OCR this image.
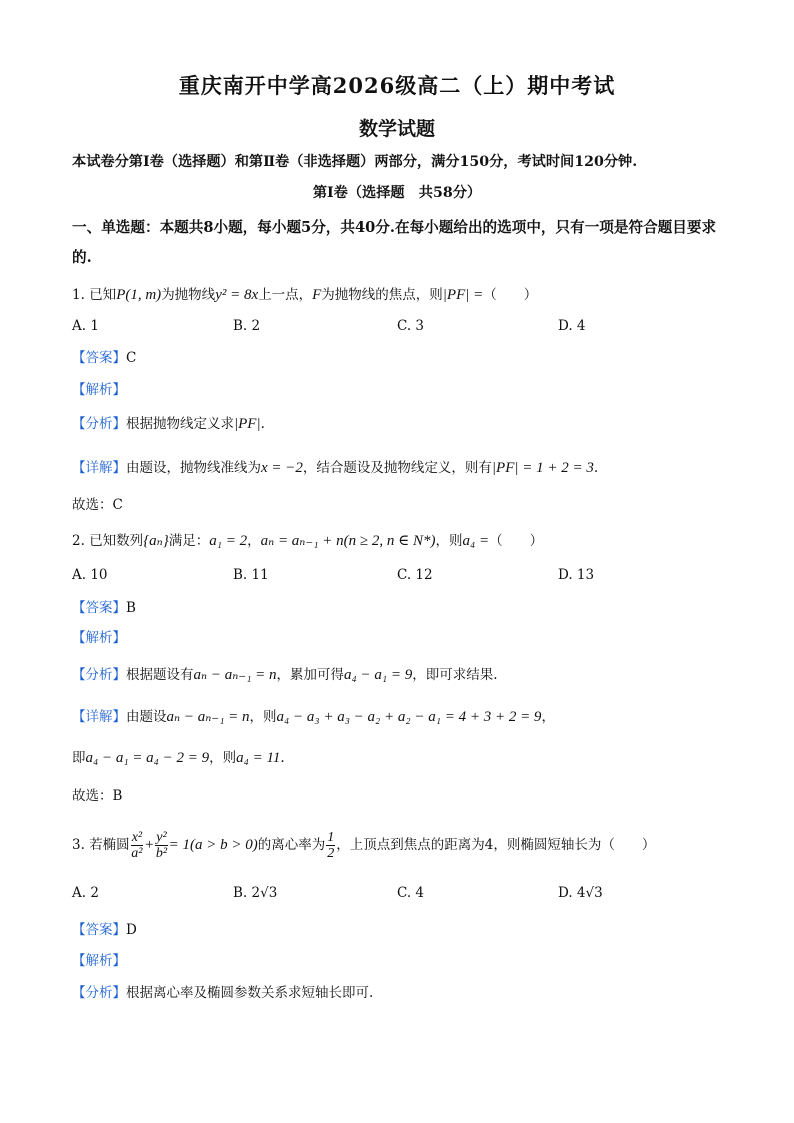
重庆南开中学高2026级高二（上）期中考试
数学试题
本试卷分第Ⅰ卷（选择题）和第Ⅱ卷（非选择题）两部分，满分150分，考试时间120分钟.
第Ⅰ卷（选择题　共58分）
一、单选题：本题共8小题，每小题5分，共40分.在每小题给出的选项中，只有一项是符合题目要求的.
1. 已知P(1, m)为抛物线y² = 8x上一点，F为抛物线的焦点，则|PF| =（　　）
A. 1	B. 2	C. 3	D. 4
【答案】C
【解析】
【分析】根据抛物线定义求|PF|.
【详解】由题设，抛物线准线为x = −2，结合题设及抛物线定义，则有|PF| = 1 + 2 = 3.
故选：C
2. 已知数列{aₙ}满足：a₁ = 2，aₙ = aₙ₋₁ + n(n ≥ 2, n ∈ N*)，则a₄ =（　　）
A. 10	B. 11	C. 12	D. 13
【答案】B
【解析】
【分析】根据题设有aₙ − aₙ₋₁ = n，累加可得a₄ − a₁ = 9，即可求结果.
【详解】由题设aₙ − aₙ₋₁ = n，则a₄ − a₃ + a₃ − a₂ + a₂ − a₁ = 4 + 3 + 2 = 9，
即a₄ − a₁ = a₄ − 2 = 9，则a₄ = 11.
故选：B
3. 若椭圆 $\frac{\text{x²}}{\text{a²}} + \frac{\text{y²}}{\text{b²}} = 1(a > b > 0)$的离心率为 $\frac{1}{2}$ ，上顶点到焦点的距离为4，则椭圆短轴长为（　　）
A. 2	B. 2√3	C. 4	D. 4√3
【答案】D
【解析】
【分析】根据离心率及椭圆参数关系求短轴长即可.
